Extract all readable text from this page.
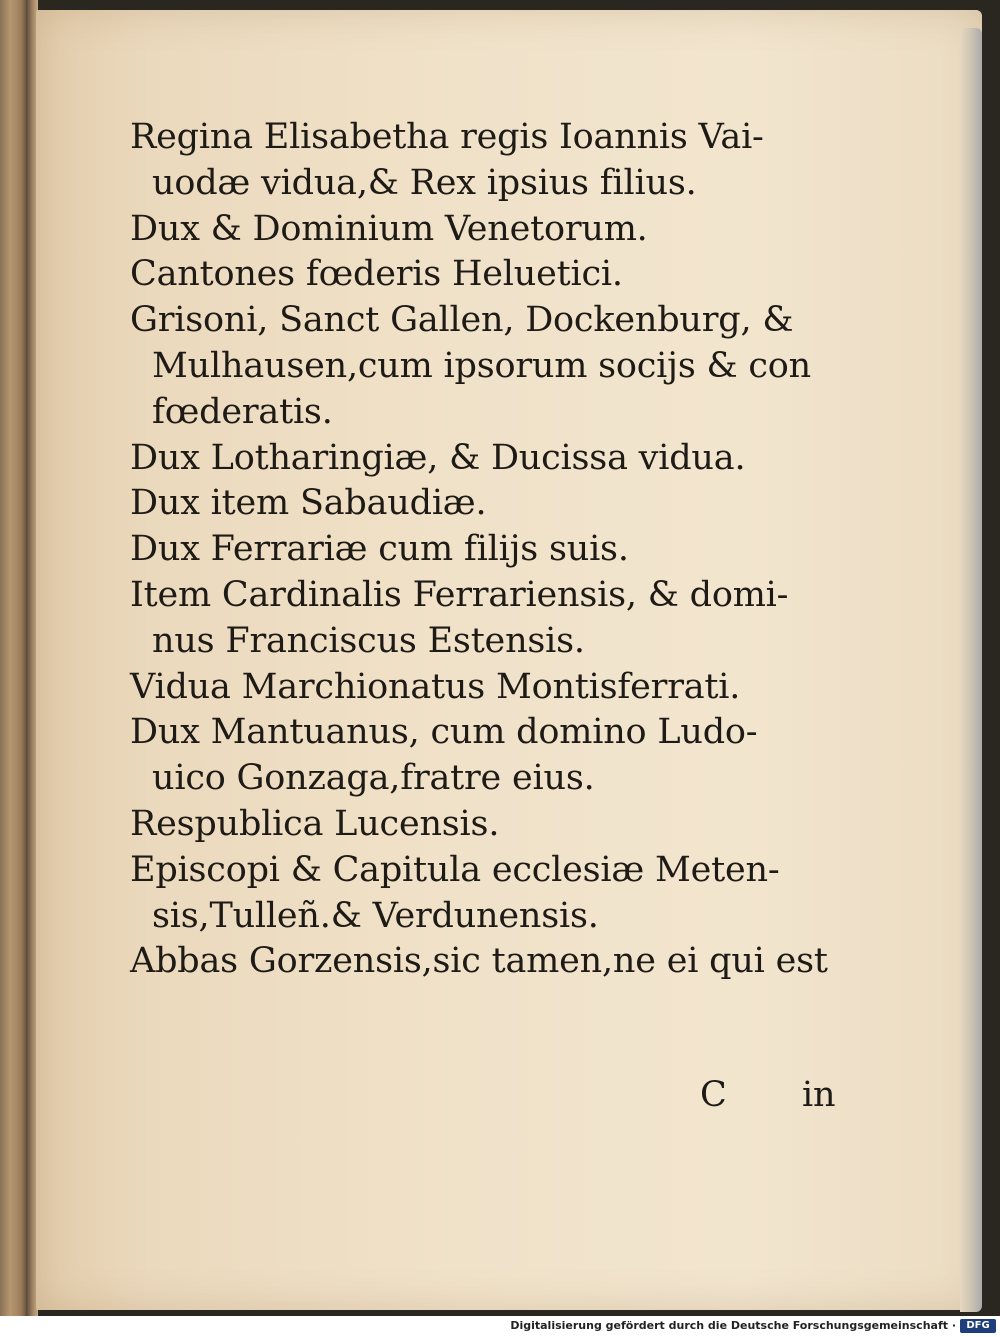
Regina Elisabetha regis Ioannis Vai-
uodæ vidua,& Rex ipsius filius.
Dux & Dominium Venetorum.
Cantones fœderis Heluetici.
Grisoni, Sanct Gallen, Dockenburg, &
Mulhausen,cum ipsorum socijs & con
fœderatis.
Dux Lotharingiæ, & Ducissa vidua.
Dux item Sabaudiæ.
Dux Ferrariæ cum filijs suis.
Item Cardinalis Ferrariensis, & domi-
nus Franciscus Estensis.
Vidua Marchionatus Montisferrati.
Dux Mantuanus, cum domino Ludo-
uico Gonzaga,fratre eius.
Respublica Lucensis.
Episcopi & Capitula ecclesiæ Meten-
sis,Tulleñ.& Verdunensis.
Abbas Gorzensis,sic tamen,ne ei qui est
C in
Digitalisierung gefördert durch die Deutsche Forschungsgemeinschaft ·	DFG
